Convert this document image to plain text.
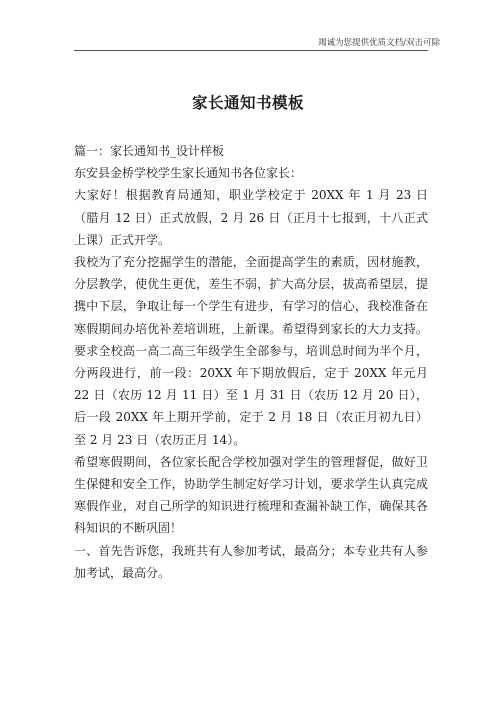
竭诚为您提供优质文档/双击可除
家长通知书模板

篇一：家长通知书_设计样板

东安县金桥学校学生家长通知书各位家长：

大家好！根据教育局通知，职业学校定于 20XX 年 1 月 23 日（腊月 12 日）正式放假，2 月 26 日（正月十七报到，十八正式上课）正式开学。

我校为了充分挖掘学生的潜能，全面提高学生的素质，因材施教，分层教学，使优生更优，差生不弱，扩大高分层，拔高希望层，提携中下层，争取让每一个学生有进步，有学习的信心，我校准备在寒假期间办培优补差培训班，上新课。希望得到家长的大力支持。要求全校高一高二高三年级学生全部参与，培训总时间为半个月，分两段进行，前一段：20XX 年下期放假后，定于 20XX 年元月 22 日（农历 12 月 11 日）至 1 月 31 日（农历 12 月 20 日），后一段 20XX 年上期开学前，定于 2 月 18 日（农正月初九日）至 2 月 23 日（农历正月 14）。

希望寒假期间，各位家长配合学校加强对学生的管理督促，做好卫生保健和安全工作，协助学生制定好学习计划，要求学生认真完成寒假作业，对自己所学的知识进行梳理和查漏补缺工作，确保其各科知识的不断巩固！

一、首先告诉您，我班共有人参加考试，最高分；本专业共有人参加考试，最高分。
